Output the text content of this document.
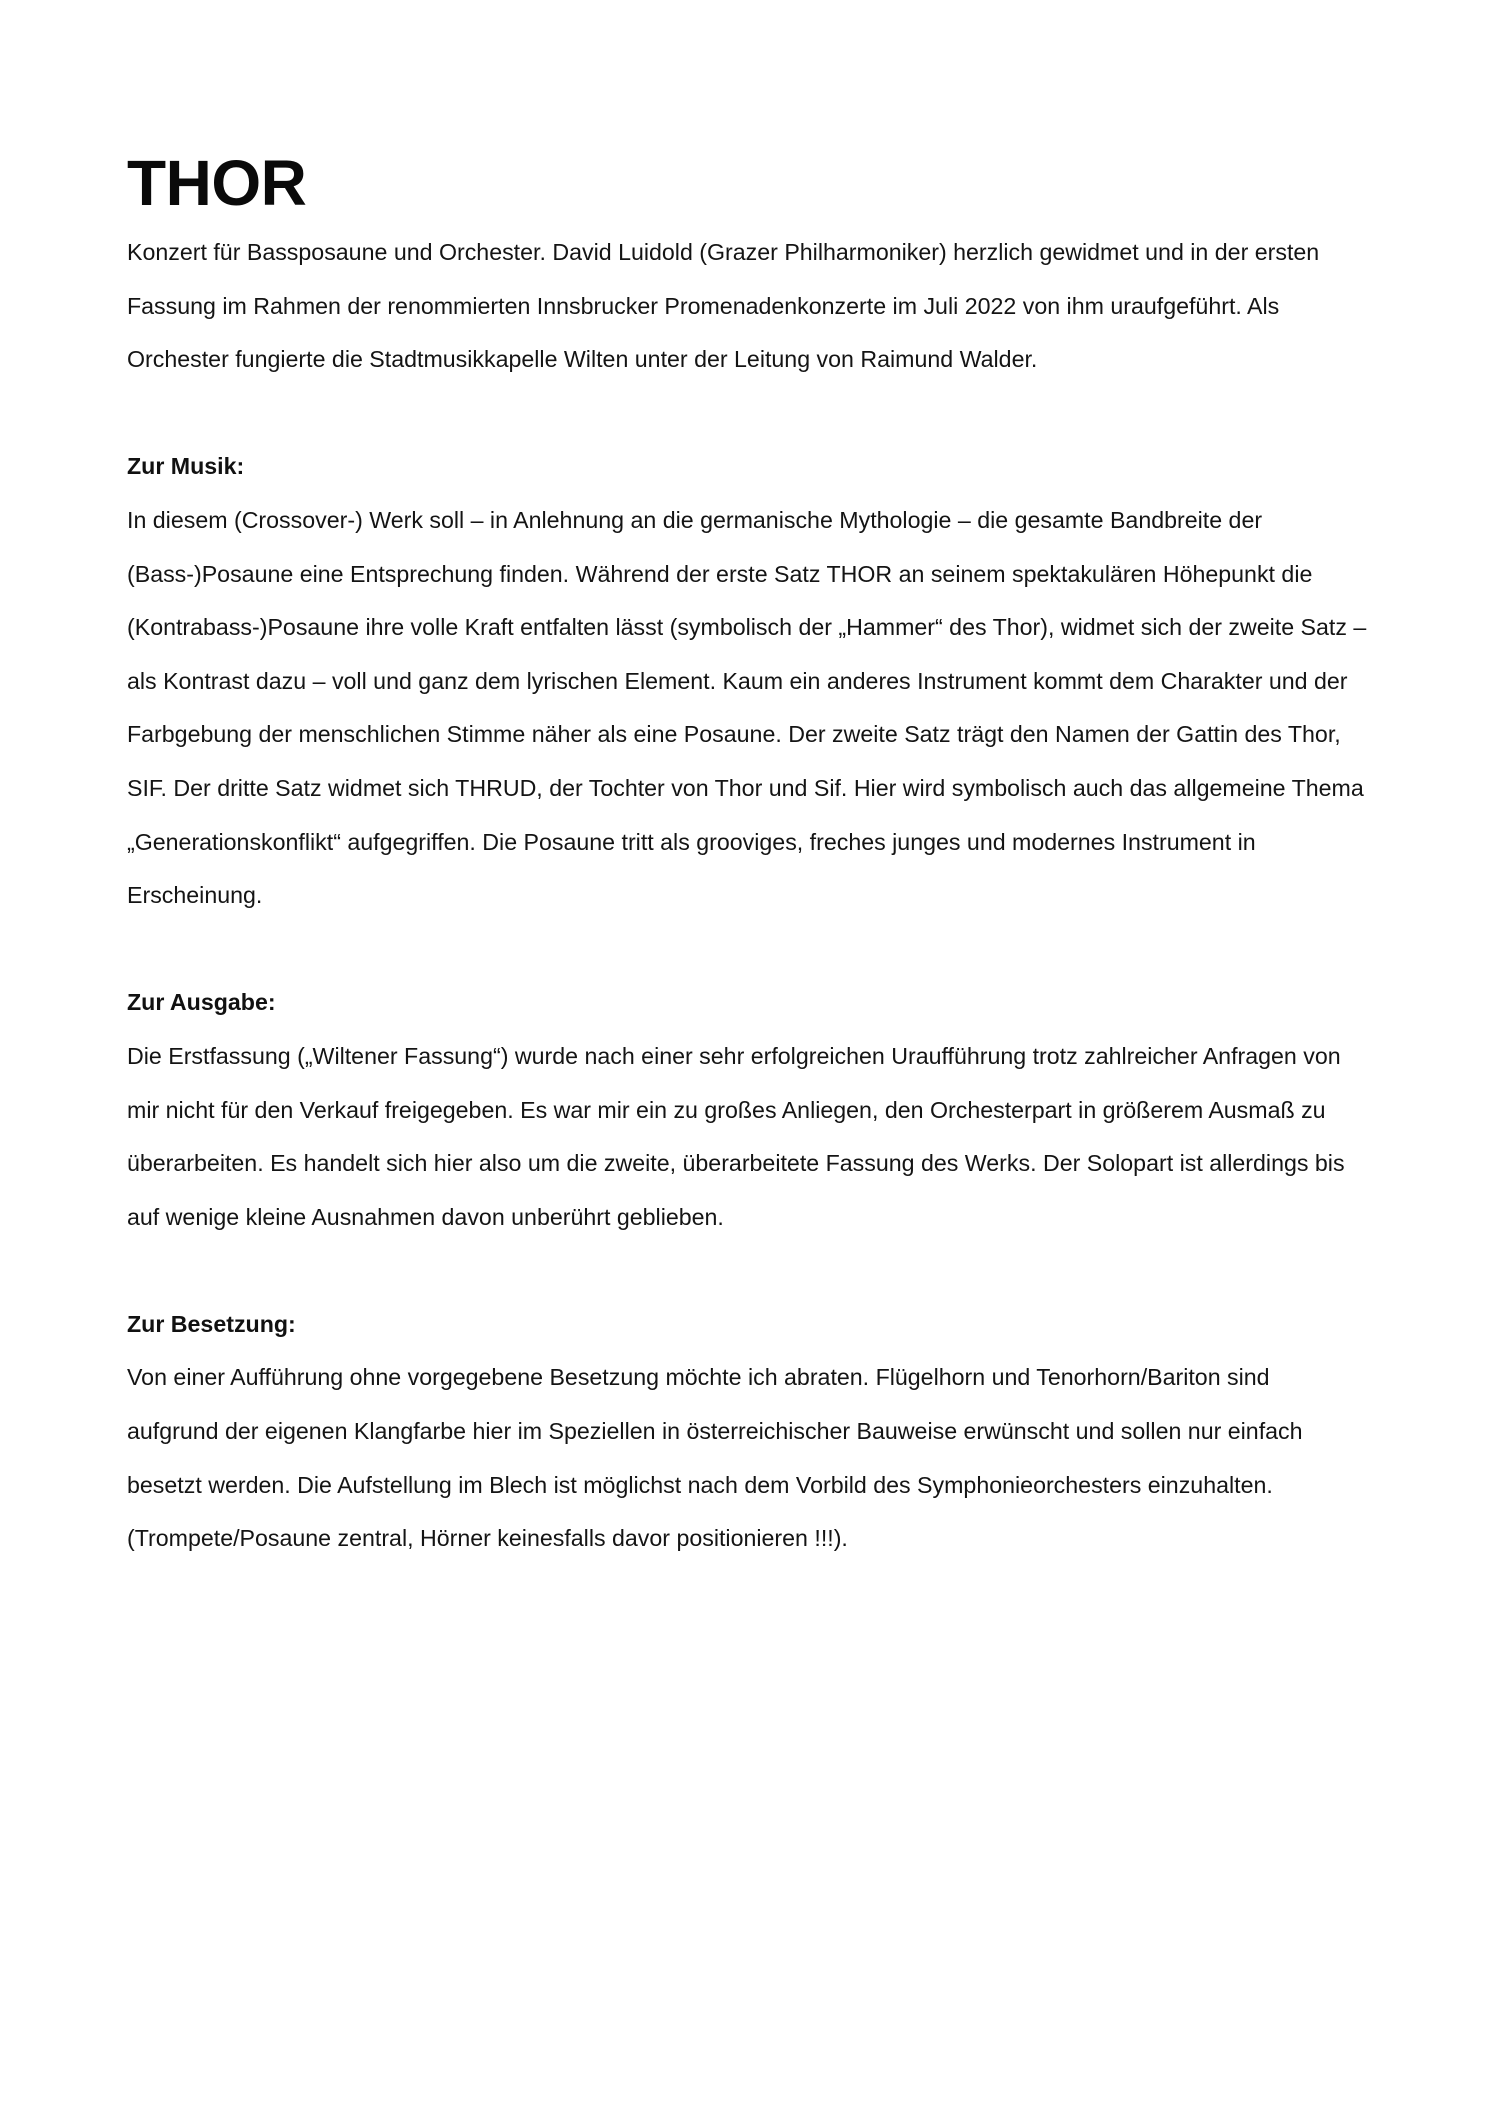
THOR
Konzert für Bassposaune und Orchester. David Luidold (Grazer Philharmoniker) herzlich gewidmet und in der ersten
Fassung im Rahmen der renommierten Innsbrucker Promenadenkonzerte im Juli 2022 von ihm uraufgeführt. Als
Orchester fungierte die Stadtmusikkapelle Wilten unter der Leitung von Raimund Walder.
Zur Musik:
In diesem (Crossover-) Werk soll – in Anlehnung an die germanische Mythologie – die gesamte Bandbreite der
(Bass-)Posaune eine Entsprechung finden. Während der erste Satz THOR an seinem spektakulären Höhepunkt die
(Kontrabass-)Posaune ihre volle Kraft entfalten lässt (symbolisch der „Hammer“ des Thor), widmet sich der zweite Satz –
als Kontrast dazu – voll und ganz dem lyrischen Element. Kaum ein anderes Instrument kommt dem Charakter und der
Farbgebung der menschlichen Stimme näher als eine Posaune. Der zweite Satz trägt den Namen der Gattin des Thor,
SIF. Der dritte Satz widmet sich THRUD, der Tochter von Thor und Sif. Hier wird symbolisch auch das allgemeine Thema
„Generationskonflikt“ aufgegriffen. Die Posaune tritt als grooviges, freches junges und modernes Instrument in
Erscheinung.
Zur Ausgabe:
Die Erstfassung („Wiltener Fassung“) wurde nach einer sehr erfolgreichen Uraufführung trotz zahlreicher Anfragen von
mir nicht für den Verkauf freigegeben. Es war mir ein zu großes Anliegen, den Orchesterpart in größerem Ausmaß zu
überarbeiten. Es handelt sich hier also um die zweite, überarbeitete Fassung des Werks. Der Solopart ist allerdings bis
auf wenige kleine Ausnahmen davon unberührt geblieben.
Zur Besetzung:
Von einer Aufführung ohne vorgegebene Besetzung möchte ich abraten. Flügelhorn und Tenorhorn/Bariton sind
aufgrund der eigenen Klangfarbe hier im Speziellen in österreichischer Bauweise erwünscht und sollen nur einfach
besetzt werden. Die Aufstellung im Blech ist möglichst nach dem Vorbild des Symphonieorchesters einzuhalten.
(Trompete/Posaune zentral, Hörner keinesfalls davor positionieren !!!).
